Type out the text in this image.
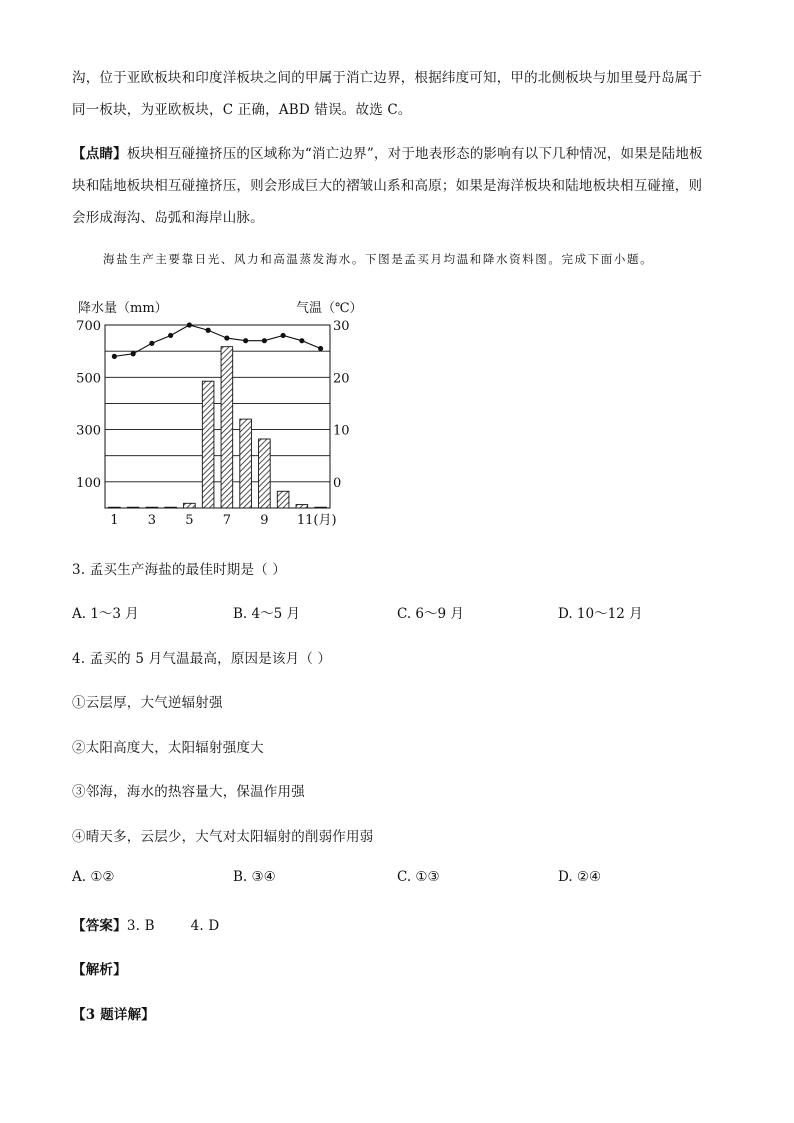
沟，位于亚欧板块和印度洋板块之间的甲属于消亡边界，根据纬度可知，甲的北侧板块与加里曼丹岛属于
同一板块，为亚欧板块，C 正确，ABD 错误。故选 C。
【点睛】板块相互碰撞挤压的区域称为“消亡边界”，对于地表形态的影响有以下几种情况，如果是陆地板
块和陆地板块相互碰撞挤压，则会形成巨大的褶皱山系和高原；如果是海洋板块和陆地板块相互碰撞，则
会形成海沟、岛弧和海岸山脉。
海盐生产主要靠日光、风力和高温蒸发海水。下图是孟买月均温和降水资料图。完成下面小题。
降水量（mm）	气温（℃）
700
500
300
100
30
20
10
0
1 3 5 7 9 11(月)
3. 孟买生产海盐的最佳时期是（ ）
A. 1～3 月	B. 4～5 月	C. 6～9 月	D. 10～12 月
4. 孟买的 5 月气温最高，原因是该月（ ）
①云层厚，大气逆辐射强
②太阳高度大，太阳辐射强度大
③邻海，海水的热容量大，保温作用强
④晴天多，云层少，大气对太阳辐射的削弱作用弱
A. ①②	B. ③④	C. ①③	D. ②④
【答案】3. B        4. D
【解析】
【3 题详解】
